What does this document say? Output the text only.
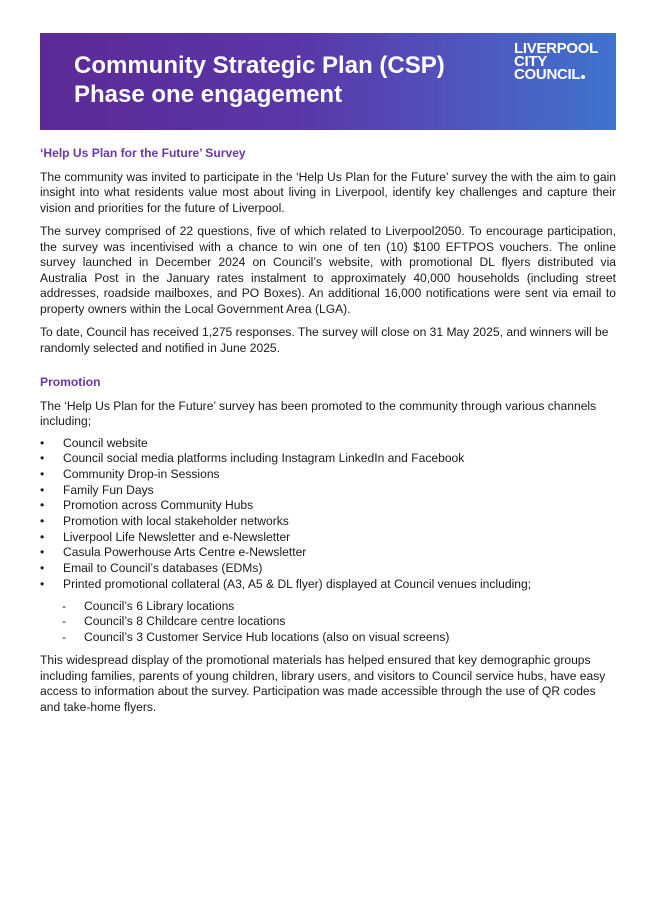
Community Strategic Plan (CSP)
Phase one engagement
LIVERPOOL
CITY
COUNCIL
‘Help Us Plan for the Future’ Survey

The community was invited to participate in the ‘Help Us Plan for the Future’ survey the with the aim to gain insight into what residents value most about living in Liverpool, identify key challenges and capture their vision and priorities for the future of Liverpool.

The survey comprised of 22 questions, five of which related to Liverpool2050. To encourage participation, the survey was incentivised with a chance to win one of ten (10) $100 EFTPOS vouchers. The online survey launched in December 2024 on Council’s website, with promotional DL flyers distributed via Australia Post in the January rates instalment to approximately 40,000 households (including street addresses, roadside mailboxes, and PO Boxes). An additional 16,000 notifications were sent via email to property owners within the Local Government Area (LGA).

To date, Council has received 1,275 responses. The survey will close on 31 May 2025, and winners will be randomly selected and notified in June 2025.

Promotion

The ‘Help Us Plan for the Future’ survey has been promoted to the community through various channels including;

• Council website
• Council social media platforms including Instagram LinkedIn and Facebook
• Community Drop-in Sessions
• Family Fun Days
• Promotion across Community Hubs
• Promotion with local stakeholder networks
• Liverpool Life Newsletter and e-Newsletter
• Casula Powerhouse Arts Centre e-Newsletter
• Email to Council’s databases (EDMs)
• Printed promotional collateral (A3, A5 & DL flyer) displayed at Council venues including;
- Council’s 6 Library locations
- Council’s 8 Childcare centre locations
- Council’s 3 Customer Service Hub locations (also on visual screens)

This widespread display of the promotional materials has helped ensured that key demographic groups including families, parents of young children, library users, and visitors to Council service hubs, have easy access to information about the survey. Participation was made accessible through the use of QR codes and take-home flyers.
